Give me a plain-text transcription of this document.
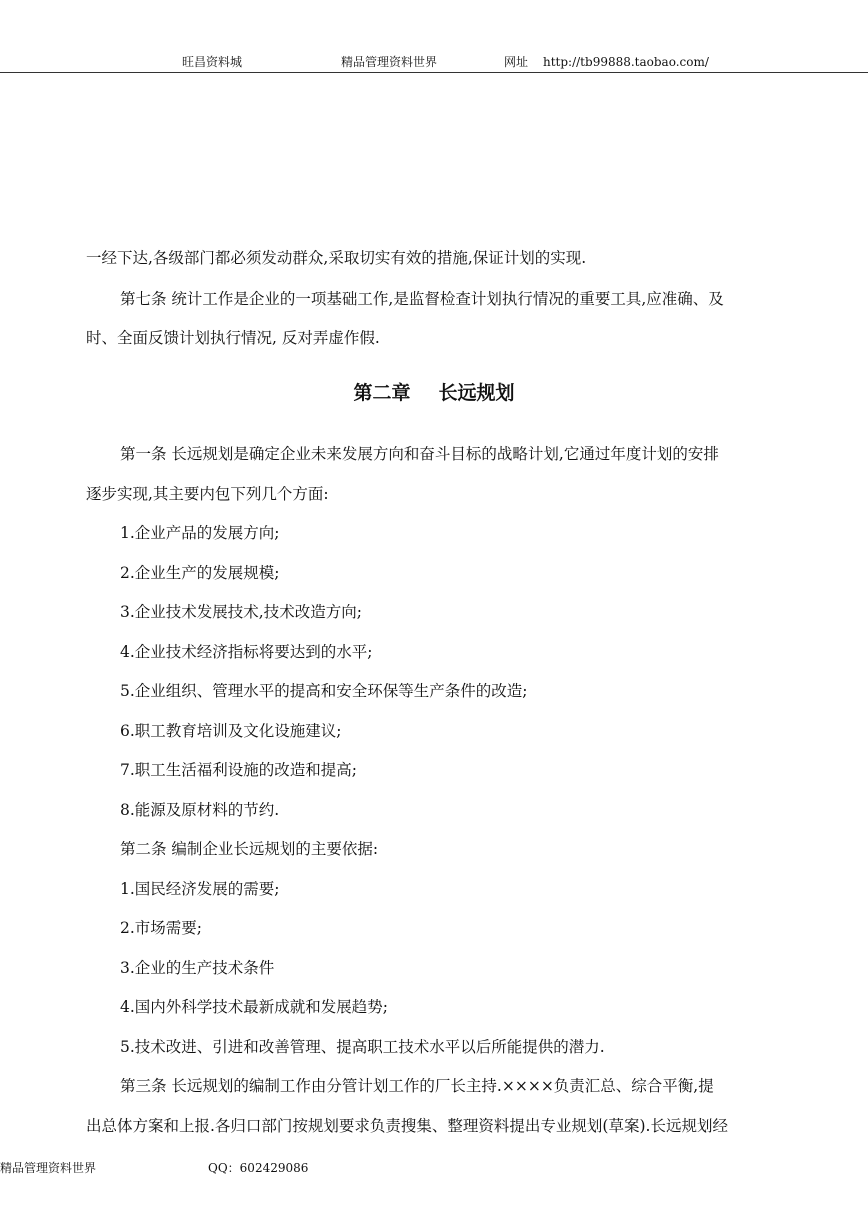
旺昌资料城	精品管理资料世界	网址 http://tb99888.taobao.com/
一经下达,各级部门都必须发动群众,采取切实有效的措施,保证计划的实现.
第七条 统计工作是企业的一项基础工作,是监督检查计划执行情况的重要工具,应准确、及
时、全面反馈计划执行情况, 反对弄虚作假.
第二章 长远规划
第一条 长远规划是确定企业未来发展方向和奋斗目标的战略计划,它通过年度计划的安排
逐步实现,其主要内包下列几个方面:
1.企业产品的发展方向;
2.企业生产的发展规模;
3.企业技术发展技术,技术改造方向;
4.企业技术经济指标将要达到的水平;
5.企业组织、管理水平的提高和安全环保等生产条件的改造;
6.职工教育培训及文化设施建议;
7.职工生活福利设施的改造和提高;
8.能源及原材料的节约.
第二条 编制企业长远规划的主要依据:
1.国民经济发展的需要;
2.市场需要;
3.企业的生产技术条件
4.国内外科学技术最新成就和发展趋势;
5.技术改进、引进和改善管理、提高职工技术水平以后所能提供的潜力.
第三条 长远规划的编制工作由分管计划工作的厂长主持.××××负责汇总、综合平衡,提
出总体方案和上报.各归口部门按规划要求负责搜集、整理资料提出专业规划(草案).长远规划经
精品管理资料世界	QQ：602429086
